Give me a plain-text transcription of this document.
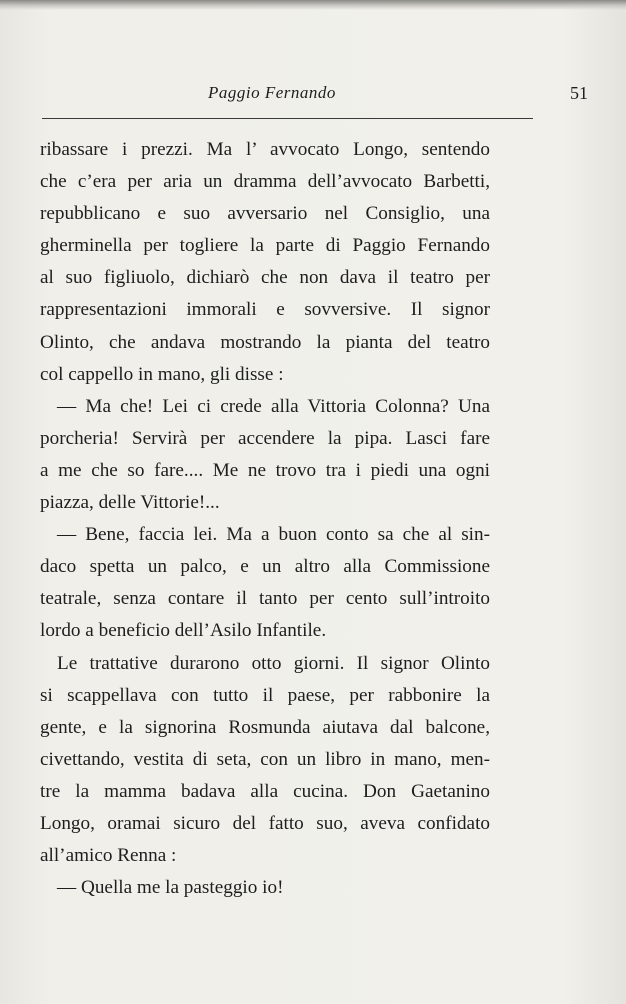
Paggio Fernando	51
ribassare i prezzi. Ma l’ avvocato Longo, sentendo
che c’era per aria un dramma dell’avvocato Barbetti,
repubblicano e suo avversario nel Consiglio, una
gherminella per togliere la parte di Paggio Fernando
al suo figliuolo, dichiarò che non dava il teatro per
rappresentazioni immorali e sovversive. Il signor
Olinto, che andava mostrando la pianta del teatro
col cappello in mano, gli disse :
— Ma che! Lei ci crede alla Vittoria Colonna? Una
porcheria! Servirà per accendere la pipa. Lasci fare
a me che so fare.... Me ne trovo tra i piedi una ogni
piazza, delle Vittorie!...
— Bene, faccia lei. Ma a buon conto sa che al sin-
daco spetta un palco, e un altro alla Commissione
teatrale, senza contare il tanto per cento sull’introito
lordo a beneficio dell’Asilo Infantile.
Le trattative durarono otto giorni. Il signor Olinto
si scappellava con tutto il paese, per rabbonire la
gente, e la signorina Rosmunda aiutava dal balcone,
civettando, vestita di seta, con un libro in mano, men-
tre la mamma badava alla cucina. Don Gaetanino
Longo, oramai sicuro del fatto suo, aveva confidato
all’amico Renna :
— Quella me la pasteggio io!
